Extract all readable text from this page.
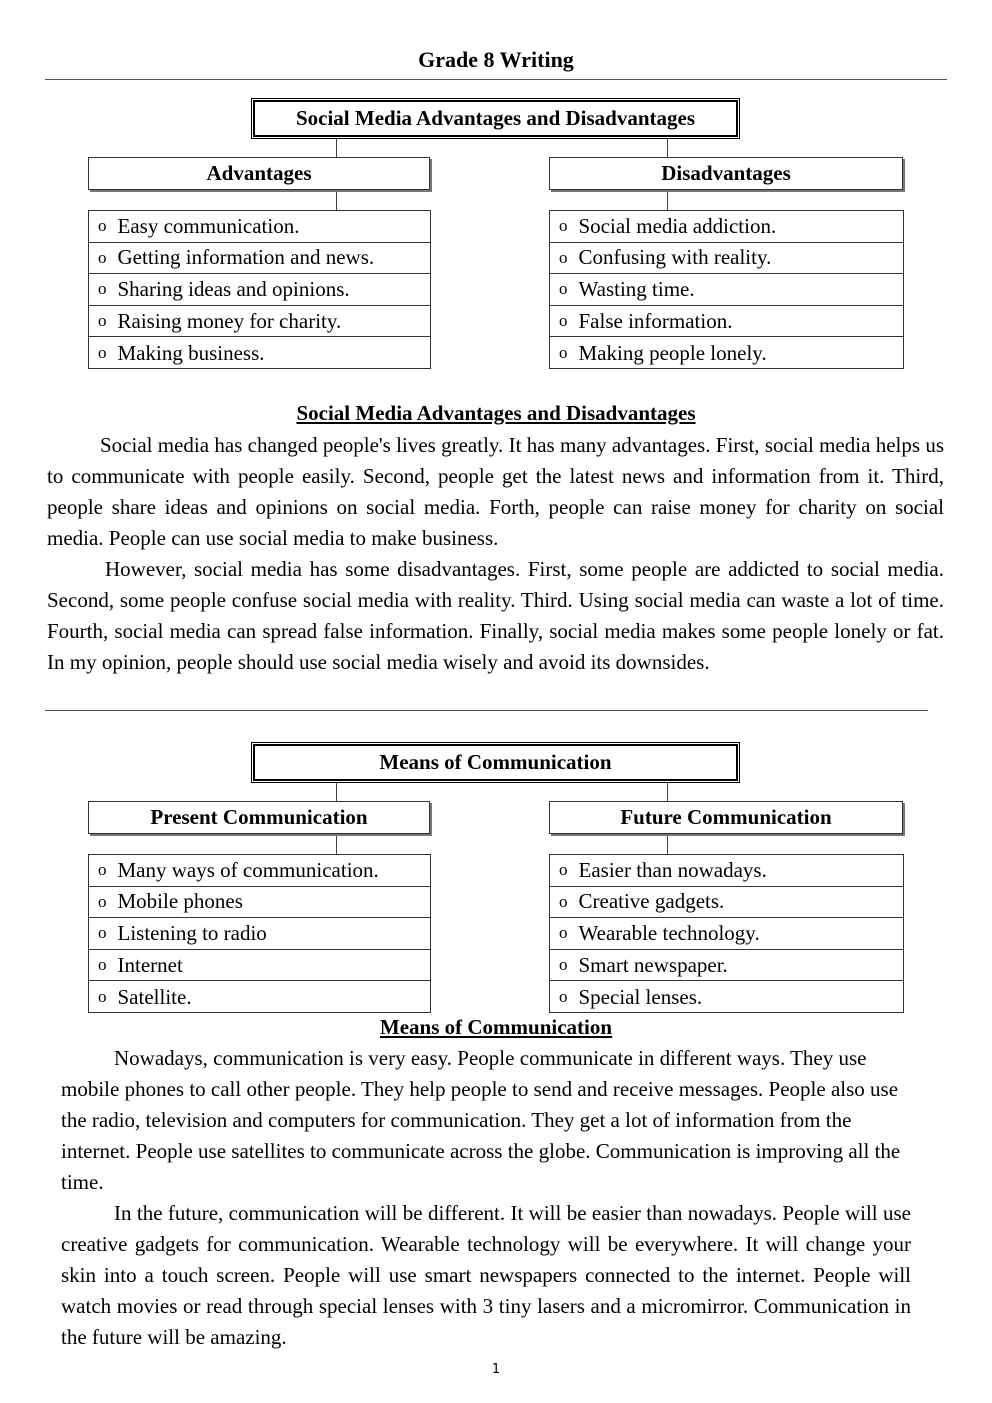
Grade 8 Writing
Social Media Advantages and Disadvantages
Advantages	Disadvantages
o Easy communication.
o Getting information and news.
o Sharing ideas and opinions.
o Raising money for charity.
o Making business.
o Social media addiction.
o Confusing with reality.
o Wasting time.
o False information.
o Making people lonely.
Social Media Advantages and Disadvantages

Social media has changed people's lives greatly. It has many advantages. First, social media helps us to communicate with people easily. Second, people get the latest news and information from it. Third, people share ideas and opinions on social media. Forth, people can raise money for charity on social media. People can use social media to make business.

However, social media has some disadvantages. First, some people are addicted to social media. Second, some people confuse social media with reality. Third. Using social media can waste a lot of time. Fourth, social media can spread false information. Finally, social media makes some people lonely or fat. In my opinion, people should use social media wisely and avoid its downsides.

Means of Communication
Present Communication	Future Communication
o Many ways of communication.
o Mobile phones
o Listening to radio
o Internet
o Satellite.
o Easier than nowadays.
o Creative gadgets.
o Wearable technology.
o Smart newspaper.
o Special lenses.
Means of Communication

Nowadays, communication is very easy. People communicate in different ways. They use mobile phones to call other people. They help people to send and receive messages. People also use the radio, television and computers for communication. They get a lot of information from the internet. People use satellites to communicate across the globe. Communication is improving all the time.

In the future, communication will be different. It will be easier than nowadays. People will use creative gadgets for communication. Wearable technology will be everywhere. It will change your skin into a touch screen. People will use smart newspapers connected to the internet. People will watch movies or read through special lenses with 3 tiny lasers and a micromirror. Communication in the future will be amazing.

1
